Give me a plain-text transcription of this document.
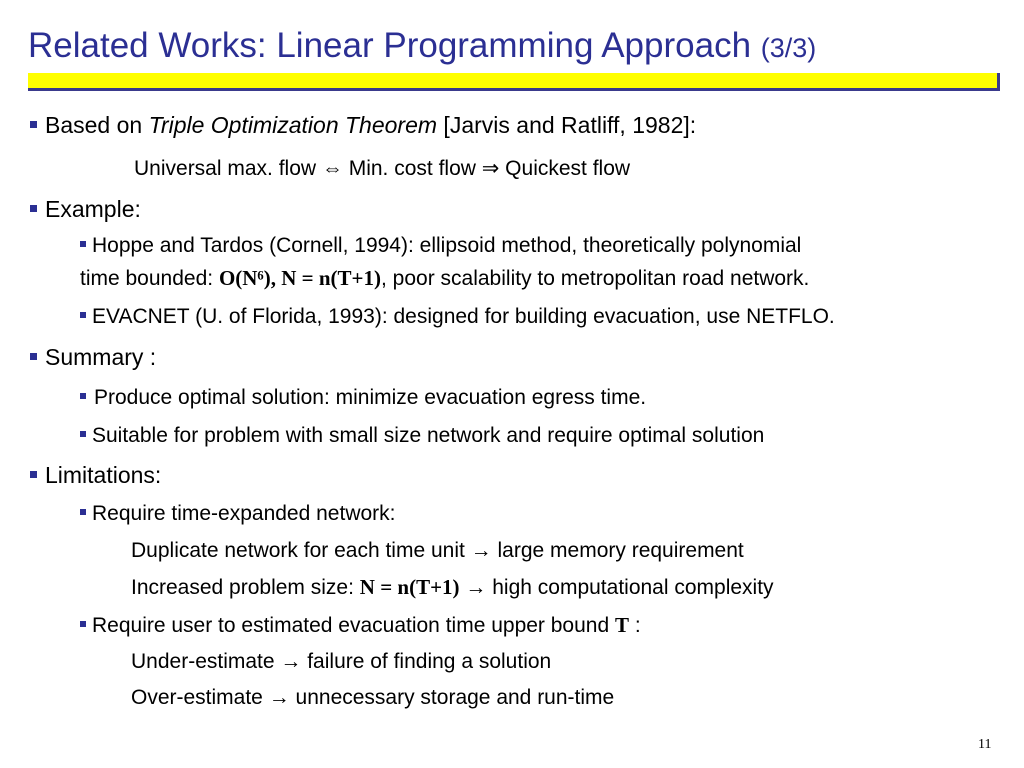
Related Works: Linear Programming Approach (3/3)
Based on Triple Optimization Theorem [Jarvis and Ratliff, 1982]:
Universal max. flow ⇔ Min. cost flow ⇒ Quickest flow
Example:
Hoppe and Tardos (Cornell, 1994): ellipsoid method, theoretically polynomial
time bounded: O(N⁶), N = n(T+1), poor scalability to metropolitan road network.
EVACNET (U. of Florida, 1993): designed for building evacuation, use NETFLO.
Summary :
Produce optimal solution: minimize evacuation egress time.
Suitable for problem with small size network and require optimal solution
Limitations:
Require time-expanded network:
Duplicate network for each time unit → large memory requirement
Increased problem size: N = n(T+1) → high computational complexity
Require user to estimated evacuation time upper bound T :
Under-estimate → failure of finding a solution
Over-estimate → unnecessary storage and run-time
11
